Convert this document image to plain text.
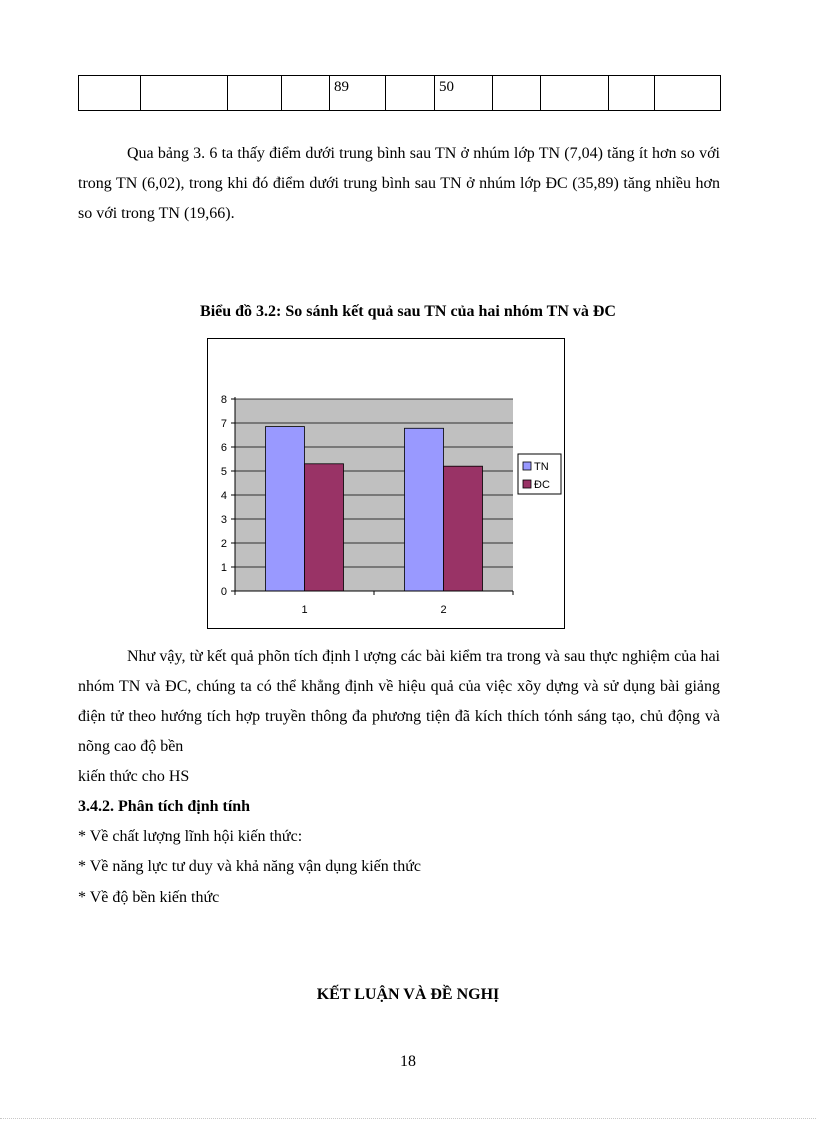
				89		50				

Qua bảng 3. 6 ta thấy điểm dưới trung bình sau TN ở nhúm lớp TN (7,04) tăng ít hơn so với trong TN (6,02), trong khi đó điểm dưới trung bình sau TN ở nhúm lớp ĐC (35,89) tăng nhiều hơn so với trong TN (19,66).

Biểu đồ 3.2: So sánh kết quả sau TN của hai nhóm TN và ĐC
0
1
2
3
4
5
6
7
8
1	2
TN
ĐC

Như vậy, từ kết quả phõn tích định l ượng các bài kiểm tra trong và sau thực nghiệm của hai nhóm TN và ĐC, chúng ta có thể khẳng định về hiệu quả của việc xõy dựng và sử dụng bài giảng điện tử theo hướng tích hợp truyền thông đa phương tiện đã kích thích tónh sáng tạo, chủ động và nõng cao độ bền

kiến thức cho HS
3.4.2. Phân tích định tính
* Về chất lượng lĩnh hội kiến thức:
* Về năng lực tư duy và khả năng vận dụng kiến thức
* Về độ bền kiến thức
KẾT LUẬN VÀ ĐỀ NGHỊ
18
